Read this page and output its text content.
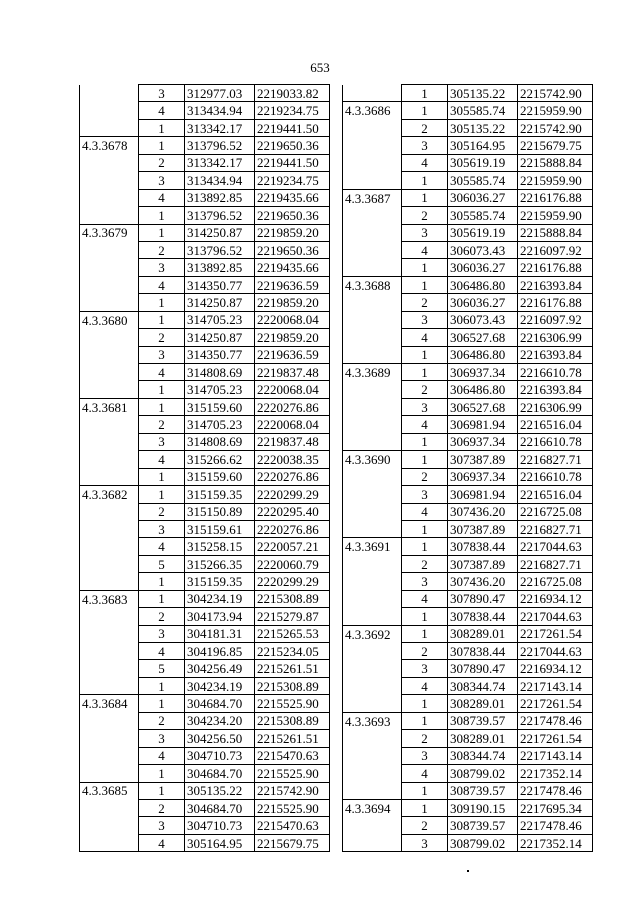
653
	3	312977.03	2219033.82
	4	313434.94	2219234.75
	1	313342.17	2219441.50
4.3.3678	1	313796.52	2219650.36
	2	313342.17	2219441.50
	3	313434.94	2219234.75
	4	313892.85	2219435.66
	1	313796.52	2219650.36
4.3.3679	1	314250.87	2219859.20
	2	313796.52	2219650.36
	3	313892.85	2219435.66
	4	314350.77	2219636.59
	1	314250.87	2219859.20
4.3.3680	1	314705.23	2220068.04
	2	314250.87	2219859.20
	3	314350.77	2219636.59
	4	314808.69	2219837.48
	1	314705.23	2220068.04
4.3.3681	1	315159.60	2220276.86
	2	314705.23	2220068.04
	3	314808.69	2219837.48
	4	315266.62	2220038.35
	1	315159.60	2220276.86
4.3.3682	1	315159.35	2220299.29
	2	315150.89	2220295.40
	3	315159.61	2220276.86
	4	315258.15	2220057.21
	5	315266.35	2220060.79
	1	315159.35	2220299.29
4.3.3683	1	304234.19	2215308.89
	2	304173.94	2215279.87
	3	304181.31	2215265.53
	4	304196.85	2215234.05
	5	304256.49	2215261.51
	1	304234.19	2215308.89
4.3.3684	1	304684.70	2215525.90
	2	304234.20	2215308.89
	3	304256.50	2215261.51
	4	304710.73	2215470.63
	1	304684.70	2215525.90
4.3.3685	1	305135.22	2215742.90
	2	304684.70	2215525.90
	3	304710.73	2215470.63
	4	305164.95	2215679.75
	1	305135.22	2215742.90
4.3.3686	1	305585.74	2215959.90
	2	305135.22	2215742.90
	3	305164.95	2215679.75
	4	305619.19	2215888.84
	1	305585.74	2215959.90
4.3.3687	1	306036.27	2216176.88
	2	305585.74	2215959.90
	3	305619.19	2215888.84
	4	306073.43	2216097.92
	1	306036.27	2216176.88
4.3.3688	1	306486.80	2216393.84
	2	306036.27	2216176.88
	3	306073.43	2216097.92
	4	306527.68	2216306.99
	1	306486.80	2216393.84
4.3.3689	1	306937.34	2216610.78
	2	306486.80	2216393.84
	3	306527.68	2216306.99
	4	306981.94	2216516.04
	1	306937.34	2216610.78
4.3.3690	1	307387.89	2216827.71
	2	306937.34	2216610.78
	3	306981.94	2216516.04
	4	307436.20	2216725.08
	1	307387.89	2216827.71
4.3.3691	1	307838.44	2217044.63
	2	307387.89	2216827.71
	3	307436.20	2216725.08
	4	307890.47	2216934.12
	1	307838.44	2217044.63
4.3.3692	1	308289.01	2217261.54
	2	307838.44	2217044.63
	3	307890.47	2216934.12
	4	308344.74	2217143.14
	1	308289.01	2217261.54
4.3.3693	1	308739.57	2217478.46
	2	308289.01	2217261.54
	3	308344.74	2217143.14
	4	308799.02	2217352.14
	1	308739.57	2217478.46
4.3.3694	1	309190.15	2217695.34
	2	308739.57	2217478.46
	3	308799.02	2217352.14
